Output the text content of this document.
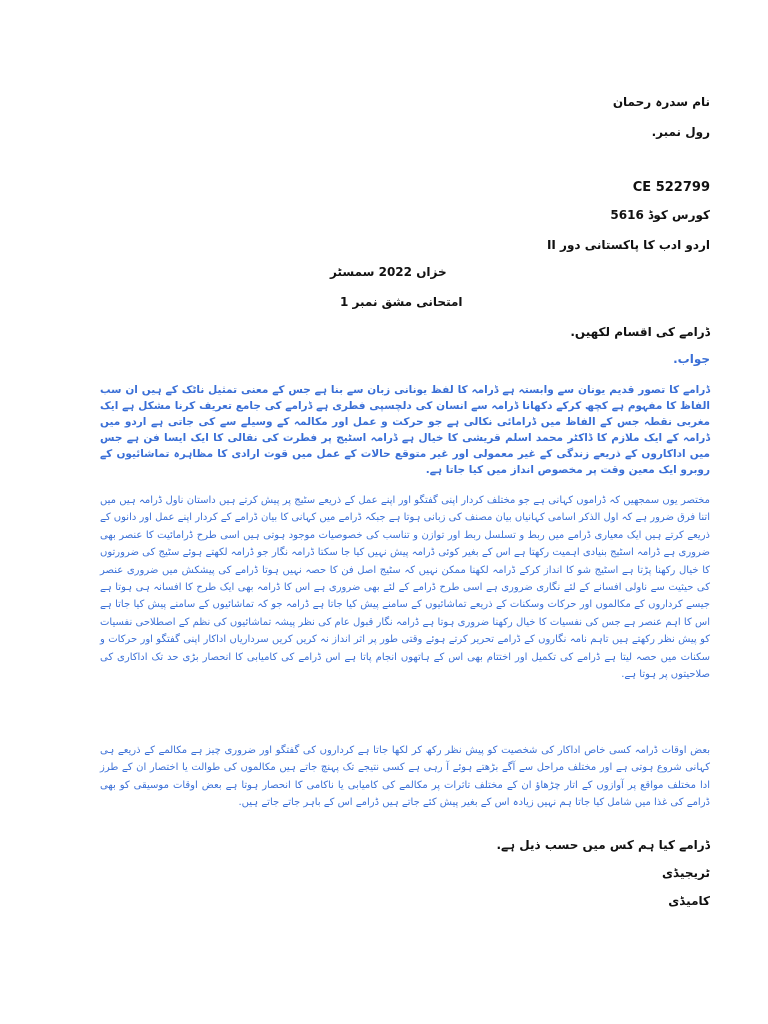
نام سدرہ رحمان
رول نمبر.
CE 522799
کورس کوڈ 5616
اردو ادب کا پاکستانی دور II
خزاں 2022 سمسٹر
امتحانی مشق نمبر 1
ڈرامے کی اقسام لکھیں.
جواب.
ڈرامے کا تصور قدیم یونان سے وابستہ ہے ڈرامہ کا لفظ یونانی زبان سے بنا ہے جس کے معنی تمثیل ناٹک کے ہیں ان سب الفاظ کا مفہوم ہے کچھ کرکے دکھانا ڈرامہ سے انسان کی دلچسپی فطری ہے ڈرامے کی جامع تعریف کرنا مشکل ہے ایک مغربی نقطہ جس کے الفاظ میں ڈرامائی نکالی ہے جو حرکت و عمل اور مکالمہ کے وسیلے سے کی جاتی ہے اردو میں ڈرامہ کے ایک ملازم کا ڈاکٹر محمد اسلم قریشی کا خیال ہے ڈرامہ اسٹیج پر فطرت کی نقالی کا ایک ایسا فن ہے جس میں اداکاروں کے ذریعے زندگی کے غیر معمولی اور غیر متوقع حالات کے عمل میں قوت ارادی کا مظاہرہ تماشائیوں کے روبرو ایک معین وقت پر مخصوص انداز میں کیا جاتا ہے.
مختصر یوں سمجھیں کہ ڈراموں کہانی ہے جو مختلف کردار اپنی گفتگو اور اپنے عمل کے ذریعے سٹیج پر پیش کرتے ہیں داستان ناول ڈرامہ ہیں میں اتنا فرق ضرور ہے کہ اول الذکر اسامی کہانیاں بیان مصنف کی زبانی ہوتا ہے جبکہ ڈرامے میں کہانی کا بیان ڈرامے کے کردار اپنے عمل اور دانوں کے ذریعے کرتے ہیں ایک معیاری ڈرامے میں ربط و تسلسل ربط اور توازن و تناسب کی خصوصیات موجود ہوتی ہیں اسی طرح ڈرامائیت کا عنصر بھی ضروری ہے ڈرامہ اسٹیج بنیادی اہمیت رکھتا ہے اس کے بغیر کوئی ڈرامہ پیش نہیں کیا جا سکتا ڈرامہ نگار جو ڈرامہ لکھتے ہوئے سٹیج کی ضرورتوں کا خیال رکھنا پڑتا ہے اسٹیج شو کا انداز کرکے ڈرامہ لکھنا ممکن نہیں کہ سٹیج اصل فن کا حصہ نہیں ہوتا ڈرامے کی پیشکش میں ضروری عنصر کی حیثیت سے ناولی افسانے کے لئے نگاری ضروری ہے اسی طرح ڈرامے کے لئے بھی ضروری ہے اس کا ڈرامہ بھی ایک طرح کا افسانہ ہی ہوتا ہے جیسے کرداروں کے مکالموں اور حرکات وسکنات کے ذریعے تماشائیوں کے سامنے پیش کیا جاتا ہے ڈرامہ جو کہ تماشائیوں کے سامنے پیش کیا جاتا ہے اس کا اہم عنصر ہے جس کی نفسیات کا خیال رکھنا ضروری ہوتا ہے ڈرامہ نگار قبول عام کی نظر پیشہ تماشائیوں کی نظم کے اصطلاحی نفسیات کو پیش نظر رکھتے ہیں تاہم نامہ نگاروں کے ڈرامے تحریر کرتے ہوئے وقتی طور پر اثر انداز نہ کریں کریں سرداریاں اداکار اپنی گفتگو اور حرکات و سکنات میں حصہ لیتا ہے ڈرامے کی تکمیل اور اختتام بھی اس کے ہاتھوں انجام پاتا ہے اس ڈرامے کی کامیابی کا انحصار بڑی حد تک اداکاری کی صلاحیتوں پر ہوتا ہے.
بعض اوقات ڈرامہ کسی خاص اداکار کی شخصیت کو پیش نظر رکھ کر لکھا جاتا ہے کرداروں کی گفتگو اور ضروری چیز ہے مکالمے کے ذریعے ہی کہانی شروع ہوتی ہے اور مختلف مراحل سے آگے بڑھتے ہوئے آ رہی ہے کسی نتیجے تک پہنچ جاتے ہیں مکالموں کی طوالت یا اختصار ان کے طرز ادا مختلف مواقع پر آوازوں کے اتار چڑھاؤ ان کے مختلف تاثرات پر مکالمے کی کامیابی یا ناکامی کا انحصار ہوتا ہے بعض اوقات موسیقی کو بھی ڈرامے کی غذا میں شامل کیا جاتا ہم نہیں زیادہ اس کے بغیر پیش کئے جاتے ہیں ڈرامے اس کے باہر جاتے جاتے ہیں.
ڈرامے کیا ہم کس میں حسب ذیل ہے.
ٹریجیڈی
کامیڈی
